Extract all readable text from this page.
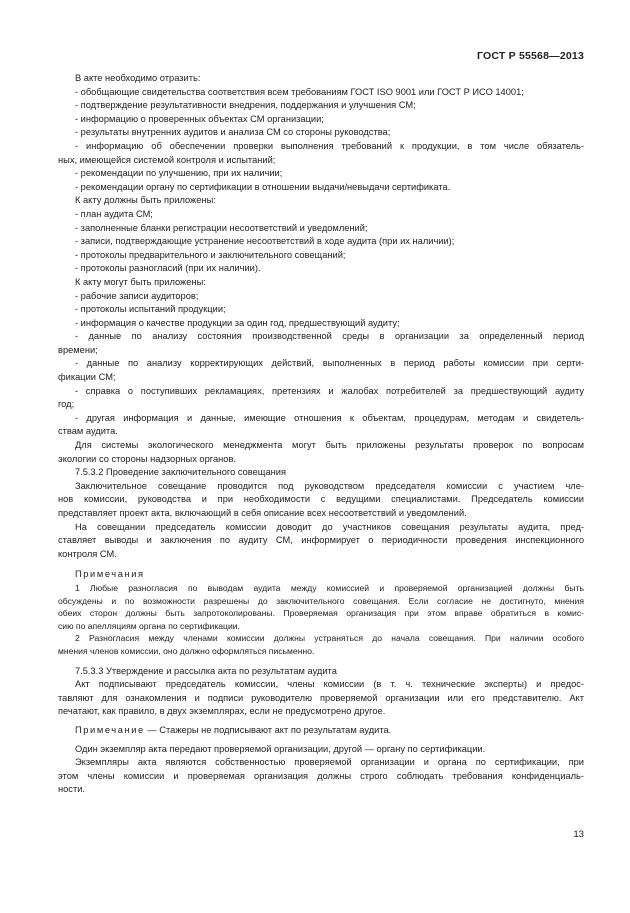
ГОСТ Р 55568—2013
В акте необходимо отразить:
- обобщающие свидетельства соответствия всем требованиям ГОСТ ISO 9001 или ГОСТ Р ИСО 14001;
- подтверждение результативности внедрения, поддержания и улучшения СМ;
- информацию о проверенных объектах СМ организации;
- результаты внутренних аудитов и анализа СМ со стороны руководства;
- информацию об обеспечении проверки выполнения требований к продукции, в том числе обязатель-
ных, имеющейся системой контроля и испытаний;
- рекомендации по улучшению, при их наличии;
- рекомендации органу по сертификации в отношении выдачи/невыдачи сертификата.
К акту должны быть приложены:
- план аудита СМ;
- заполненные бланки регистрации несоответствий и уведомлений;
- записи, подтверждающие устранение несоответствий в ходе аудита (при их наличии);
- протоколы предварительного и заключительного совещаний;
- протоколы разногласий (при их наличии).
К акту могут быть приложены:
- рабочие записи аудиторов;
- протоколы испытаний продукции;
- информация о качестве продукции за один год, предшествующий аудиту;
- данные по анализу состояния производственной среды в организации за определенный период
времени;
- данные по анализу корректирующих действий, выполненных в период работы комиссии при серти-
фикации СМ;
- справка о поступивших рекламациях, претензиях и жалобах потребителей за предшествующий аудиту
год;
- другая информация и данные, имеющие отношения к объектам, процедурам, методам и свидетель-
ствам аудита.
Для системы экологического менеджмента могут быть приложены результаты проверок по вопросам
экологии со стороны надзорных органов.
7.5.3.2 Проведение заключительного совещания
Заключительное совещание проводится под руководством председателя комиссии с участием чле-
нов комиссии, руководства и при необходимости с ведущими специалистами. Председатель комиссии
представляет проект акта, включающий в себя описание всех несоответствий и уведомлений.
На совещании председатель комиссии доводит до участников совещания результаты аудита, пред-
ставляет выводы и заключения по аудиту СМ, информирует о периодичности проведения инспекционного
контроля СМ.
Примечания
1 Любые разногласия по выводам аудита между комиссией и проверяемой организацией должны быть
обсуждены и по возможности разрешены до заключительного совещания. Если согласие не достигнуто, мнения
обеих сторон должны быть запротоколированы. Проверяемая организация при этом вправе обратиться в комис-
сию по апелляциям органа по сертификации.
2 Разногласия между членами комиссии должны устраняться до начала совещания. При наличии особого
мнения членов комиссии, оно должно оформляться письменно.
7.5.3.3 Утверждение и рассылка акта по результатам аудита
Акт подписывают председатель комиссии, члены комиссии (в т. ч. технические эксперты) и предос-
тавляют для ознакомления и подписи руководителю проверяемой организации или его представителю. Акт
печатают, как правило, в двух экземплярах, если не предусмотрено другое.
Примечание — Стажеры не подписывают акт по результатам аудита.
Один экземпляр акта передают проверяемой организации, другой — органу по сертификации.
Экземпляры акта являются собственностью проверяемой организации и органа по сертификации, при
этом члены комиссии и проверяемая организация должны строго соблюдать требования конфиденциаль-
ности.
13
